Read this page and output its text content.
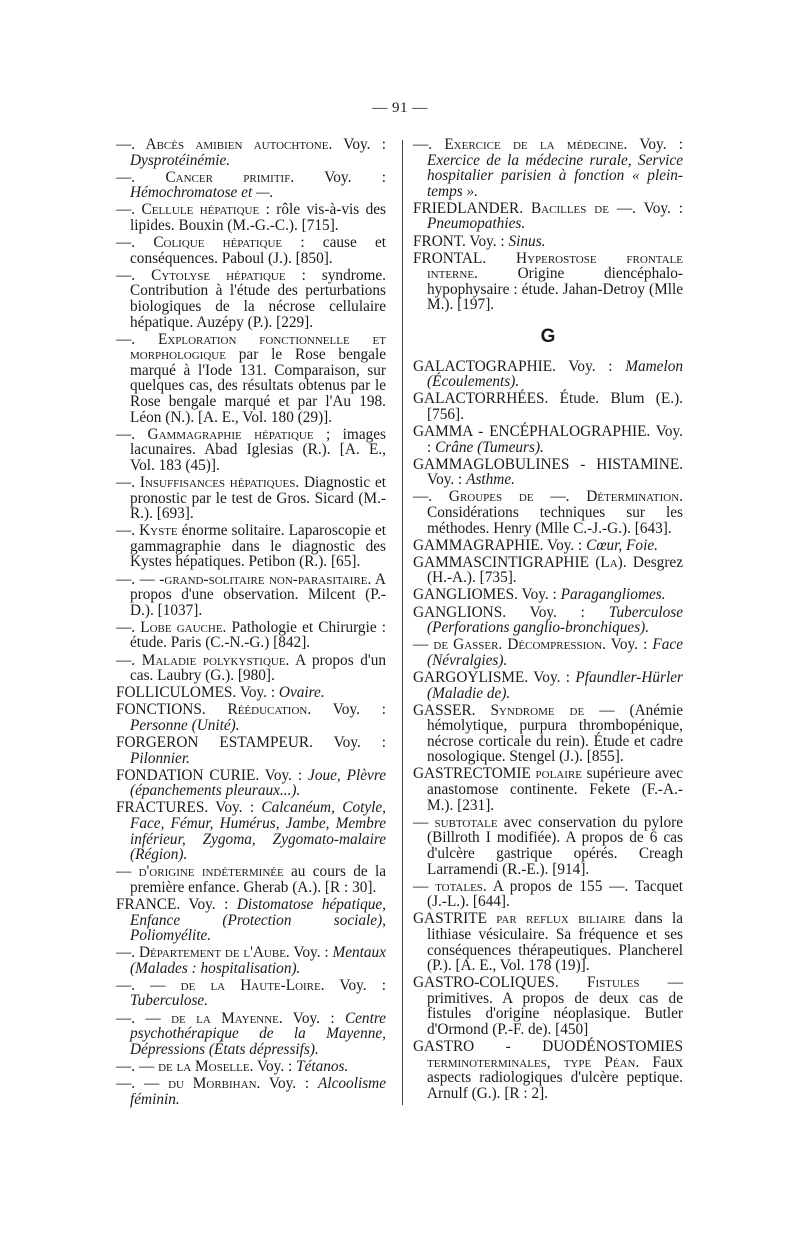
— 91 —

—. Abcès amibien autochtone. Voy. : Dysprotéinémie.

—. Cancer primitif. Voy. : Hémochromatose et —.

—. Cellule hépatique : rôle vis-à-vis des lipides. Bouxin (M.-G.-C.). [715].

—. Colique hépatique : cause et conséquences. Paboul (J.). [850].

—. Cytolyse hépatique : syndrome. Contribution à l'étude des perturbations biologiques de la nécrose cellulaire hépatique. Auzépy (P.). [229].

—. Exploration fonctionnelle et morphologique par le Rose bengale marqué à l'Iode 131. Comparaison, sur quelques cas, des résultats obtenus par le Rose bengale marqué et par l'Au 198. Léon (N.). [A. E., Vol. 180 (29)].

—. Gammagraphie hépatique ; images lacunaires. Abad Iglesias (R.). [A. E., Vol. 183 (45)].

—. Insuffisances hépatiques. Diagnostic et pronostic par le test de Gros. Sicard (M.-R.). [693].

—. Kyste énorme solitaire. Laparoscopie et gammagraphie dans le diagnostic des Kystes hépatiques. Petibon (R.). [65].

—. — -grand-solitaire non-parasitaire. A propos d'une observation. Milcent (P.-D.). [1037].

—. Lobe gauche. Pathologie et Chirurgie : étude. Paris (C.-N.-G.) [842].

—. Maladie polykystique. A propos d'un cas. Laubry (G.). [980].

FOLLICULOMES. Voy. : Ovaire.

FONCTIONS. Rééducation. Voy. : Personne (Unité).

FORGERON ESTAMPEUR. Voy. : Pilonnier.

FONDATION CURIE. Voy. : Joue, Plèvre (épanchements pleuraux...).

FRACTURES. Voy. : Calcanéum, Cotyle, Face, Fémur, Humérus, Jambe, Membre inférieur, Zygoma, Zygomato-malaire (Région).

— d'origine indéterminée au cours de la première enfance. Gherab (A.). [R : 30].

FRANCE. Voy. : Distomatose hépatique, Enfance (Protection sociale), Poliomyélite.

—. Département de l'Aube. Voy. : Mentaux (Malades : hospitalisation).

—. — de la Haute-Loire. Voy. : Tuberculose.

—. — de la Mayenne. Voy. : Centre psychothérapique de la Mayenne, Dépressions (États dépressifs).

—. — de la Moselle. Voy. : Tétanos.

—. — du Morbihan. Voy. : Alcoolisme féminin.

—. Exercice de la médecine. Voy. : Exercice de la médecine rurale, Service hospitalier parisien à fonction « plein-temps ».

FRIEDLANDER. Bacilles de —. Voy. : Pneumopathies.

FRONT. Voy. : Sinus.

FRONTAL. Hyperostose frontale interne. Origine diencéphalo-hypophysaire : étude. Jahan-Detroy (Mlle M.). [197].

G

GALACTOGRAPHIE. Voy. : Mamelon (Écoulements).

GALACTORRHÉES. Étude. Blum (E.). [756].

GAMMA - ENCÉPHALOGRAPHIE. Voy. : Crâne (Tumeurs).

GAMMAGLOBULINES - HISTAMINE. Voy. : Asthme.

—. Groupes de —. Détermination. Considérations techniques sur les méthodes. Henry (Mlle C.-J.-G.). [643].

GAMMAGRAPHIE. Voy. : Cœur, Foie.

GAMMASCINTIGRAPHIE (La). Desgrez (H.-A.). [735].

GANGLIOMES. Voy. : Paragangliomes.

GANGLIONS. Voy. : Tuberculose (Perforations ganglio-bronchiques).

— de Gasser. Décompression. Voy. : Face (Névralgies).

GARGOYLISME. Voy. : Pfaundler-Hürler (Maladie de).

GASSER. Syndrome de — (Anémie hémolytique, purpura thrombopénique, nécrose corticale du rein). Étude et cadre nosologique. Stengel (J.). [855].

GASTRECTOMIE polaire supérieure avec anastomose continente. Fekete (F.-A.-M.). [231].

— subtotale avec conservation du pylore (Billroth I modifiée). A propos de 6 cas d'ulcère gastrique opérés. Creagh Larramendi (R.-E.). [914].

— totales. A propos de 155 —. Tacquet (J.-L.). [644].

GASTRITE par reflux biliaire dans la lithiase vésiculaire. Sa fréquence et ses conséquences thérapeutiques. Plancherel (P.). [A. E., Vol. 178 (19)].

GASTRO-COLIQUES. Fistules — primitives. A propos de deux cas de fistules d'origine néoplasique. Butler d'Ormond (P.-F. de). [450]

GASTRO - DUODÉNOSTOMIES terminoterminales, type Péan. Faux aspects radiologiques d'ulcère peptique. Arnulf (G.). [R : 2].
